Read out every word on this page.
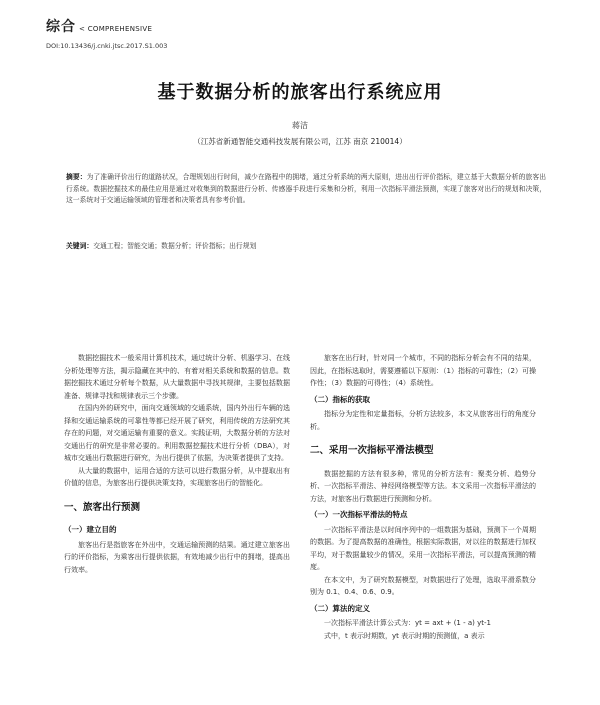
综合 < COMPREHENSIVE
DOI:10.13436/j.cnki.jtsc.2017.S1.003
基于数据分析的旅客出行系统应用
蒋洁
（江苏省新通智能交通科技发展有限公司，江苏 南京 210014）
摘要：为了准确评价出行的道路状况，合理规划出行时间，减少在路程中的拥堵，通过分析系统的两大原则，进出出行评价指标，建立基于大数据分析的旅客出行系统。数据挖掘技术的最佳应用是通过对收集到的数据进行分析、传感器手段进行采集和分析，利用一次指标平滑法预测，实现了旅客对出行的规划和决策，这一系统对于交通运输领域的管理者和决策者具有参考价值。
关键词：交通工程；智能交通；数据分析；评价指标；出行规划

数据挖掘技术一般采用计算机技术，通过统计分析、机器学习、在线分析处理等方法，揭示隐藏在其中的、有着对相关系统和数据的信息。数据挖掘技术通过分析每个数据，从大量数据中寻找其规律，主要包括数据准备、规律寻找和规律表示三个步骤。

在国内外的研究中，面向交通领域的交通系统，国内外出行车辆的选择和交通运输系统的可靠性等都已经开展了研究，利用传统的方法研究其存在的问题，对交通运输有重要的意义。实践证明，大数据分析的方法对交通出行的研究是非常必要的。利用数据挖掘技术进行分析（DBA），对城市交通出行数据进行研究，为出行提供了依据，为决策者提供了支持。

从大量的数据中，运用合适的方法可以进行数据分析，从中提取出有价值的信息，为旅客出行提供决策支持，实现旅客出行的智能化。

一、旅客出行预测
（一）建立目的

旅客出行是指旅客在外出中，交通运输预测的结果。通过建立旅客出行的评价指标，为乘客出行提供依据，有效地减少出行中的拥堵，提高出行效率。

旅客在出行时，针对同一个城市，不同的指标分析会有不同的结果，因此，在指标选取时，需要遵循以下原则：（1）指标的可靠性；（2）可操作性；（3）数据的可得性；（4）系统性。

（二）指标的获取

指标分为定性和定量指标，分析方法较多，本文从旅客出行的角度分析。

二、采用一次指标平滑法模型

数据挖掘的方法有很多种，常见的分析方法有：聚类分析、趋势分析、一次指标平滑法、神经网络模型等方法。本文采用一次指标平滑法的方法，对旅客出行数据进行预测和分析。

（一）一次指标平滑法的特点

一次指标平滑法是以时间序列中的一组数据为基础，预测下一个周期的数据。为了提高数据的准确性，根据实际数据，对以往的数据进行加权平均，对于数据量较少的情况，采用一次指标平滑法，可以提高预测的精度。

在本文中，为了研究数据模型，对数据进行了处理，选取平滑系数分别为 0.1、0.4、0.6、0.9。

（二）算法的定义

一次指标平滑法计算公式为：yt = axt + (1 - a) yt-1

式中，t 表示时期数，yt 表示时期的预测值，a 表示
